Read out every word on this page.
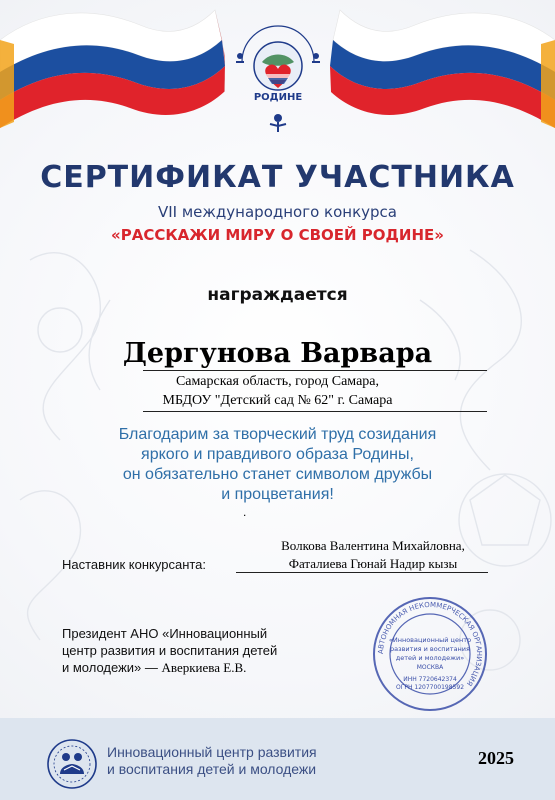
РОДИНЕ
СЕРТИФИКАТ УЧАСТНИКА
VII международного конкурса
«РАССКАЖИ МИРУ О СВОЕЙ РОДИНЕ»
награждается
Дергунова Варвара
Самарская область, город Самара,
МБДОУ "Детский сад № 62" г. Самара
Благодарим за творческий труд созидания
яркого и правдивого образа Родины,
он обязательно станет символом дружбы
и процветания!
.
Наставник конкурсанта:
Волкова Валентина Михайловна,
Фаталиева Гюнай Надир кызы
Президент АНО «Инновационный
центр развития и воспитания детей
и молодежи» — Аверкиева Е.В.
АВТОНОМНАЯ НЕКОММЕРЧЕСКАЯ ОРГАНИЗАЦИЯ
«Инновационный центр
развития и воспитания
детей и молодежи»
МОСКВА
ИНН 7720642374
ОГРН 1207700198592
Инновационный центр развития
и воспитания детей и молодежи
2025
